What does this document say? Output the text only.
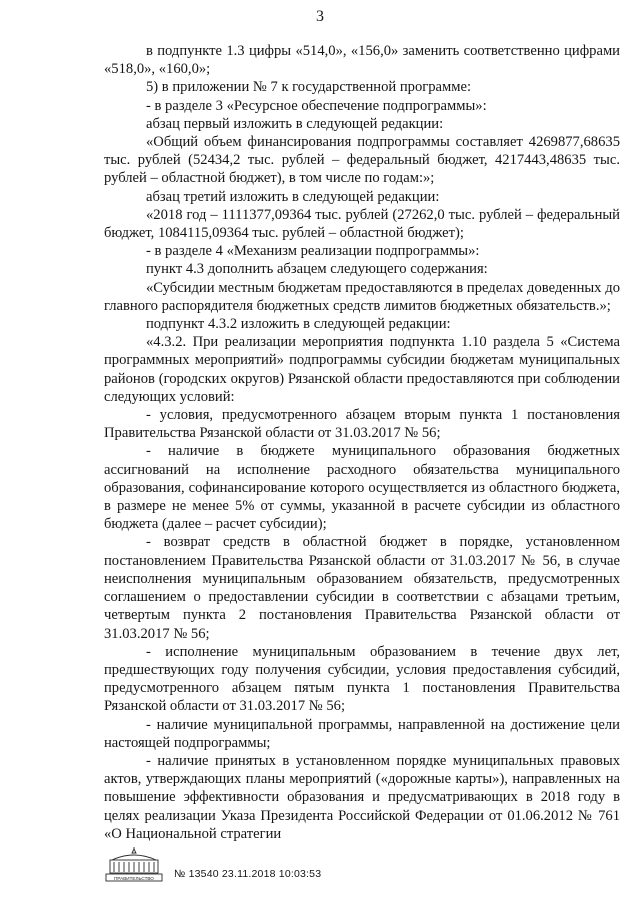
3

в подпункте 1.3 цифры «514,0», «156,0» заменить соответственно цифрами «518,0», «160,0»;

5) в приложении № 7 к государственной программе:

- в разделе 3 «Ресурсное обеспечение подпрограммы»:

абзац первый изложить в следующей редакции:

«Общий объем финансирования подпрограммы составляет 4269877,68635 тыс. рублей (52434,2 тыс. рублей – федеральный бюджет, 4217443,48635 тыс. рублей – областной бюджет), в том числе по годам:»;

абзац третий изложить в следующей редакции:

«2018 год – 1111377,09364 тыс. рублей (27262,0 тыс. рублей – федеральный бюджет, 1084115,09364 тыс. рублей – областной бюджет);

- в разделе 4 «Механизм реализации подпрограммы»:

пункт 4.3 дополнить абзацем следующего содержания:

«Субсидии местным бюджетам предоставляются в пределах доведенных до главного распорядителя бюджетных средств лимитов бюджетных обязательств.»;

подпункт 4.3.2 изложить в следующей редакции:

«4.3.2. При реализации мероприятия подпункта 1.10 раздела 5 «Система программных мероприятий» подпрограммы субсидии бюджетам муниципальных районов (городских округов) Рязанской области предоставляются при соблюдении следующих условий:

- условия, предусмотренного абзацем вторым пункта 1 постановления Правительства Рязанской области от 31.03.2017 № 56;

- наличие в бюджете муниципального образования бюджетных ассигнований на исполнение расходного обязательства муниципального образования, софинансирование которого осуществляется из областного бюджета, в размере не менее 5% от суммы, указанной в расчете субсидии из областного бюджета (далее – расчет субсидии);

- возврат средств в областной бюджет в порядке, установленном постановлением Правительства Рязанской области от 31.03.2017 № 56, в случае неисполнения муниципальным образованием обязательств, предусмотренных соглашением о предоставлении субсидии в соответствии с абзацами третьим, четвертым пункта 2 постановления Правительства Рязанской области от 31.03.2017 № 56;

- исполнение муниципальным образованием в течение двух лет, предшествующих году получения субсидии, условия предоставления субсидий, предусмотренного абзацем пятым пункта 1 постановления Правительства Рязанской области от 31.03.2017 № 56;

- наличие муниципальной программы, направленной на достижение цели настоящей подпрограммы;

- наличие принятых в установленном порядке муниципальных правовых актов, утверждающих планы мероприятий («дорожные карты»), направленных на повышение эффективности образования и предусматривающих в 2018 году в целях реализации Указа Президента Российской Федерации от 01.06.2012 № 761 «О Национальной стратегии

ПРАВИТЕЛЬСТВО № 13540 23.11.2018 10:03:53
